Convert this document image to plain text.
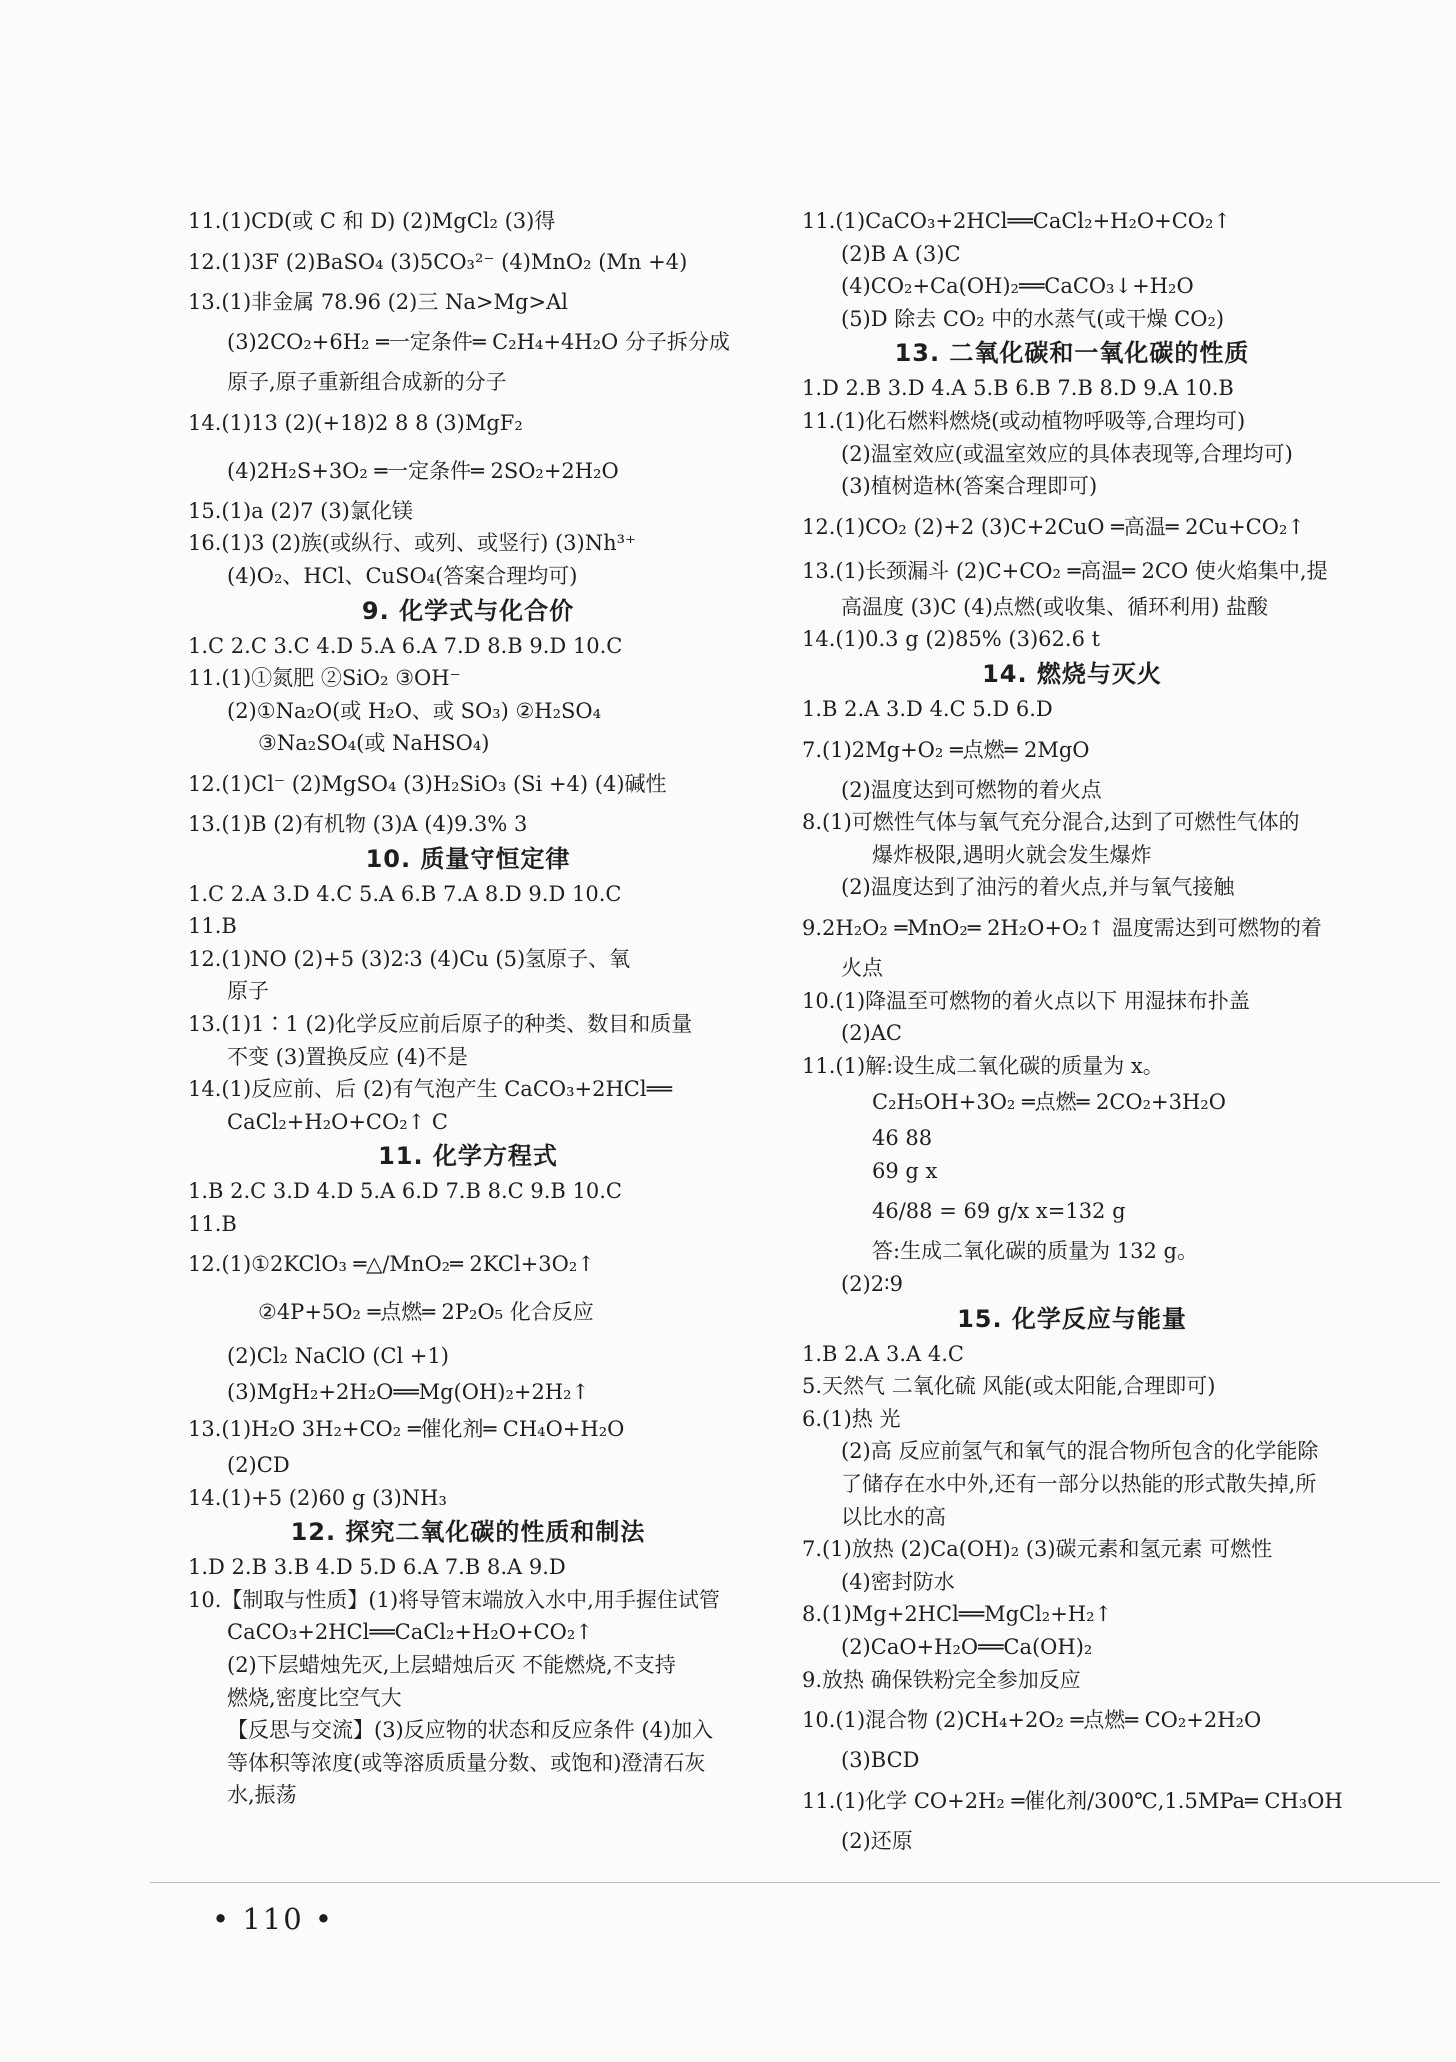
11.(1)CD(或 C 和 D) (2)MgCl₂ (3)得
12.(1)3F (2)BaSO₄ (3)5CO₃²⁻ (4)MnO₂ (Mn +4)
13.(1)非金属 78.96 (2)三 Na>Mg>Al
(3)2CO₂+6H₂ ═一定条件═ C₂H₄+4H₂O 分子拆分成
原子,原子重新组合成新的分子
14.(1)13 (2)(+18)2 8 8 (3)MgF₂
(4)2H₂S+3O₂ ═一定条件═ 2SO₂+2H₂O
15.(1)a (2)7 (3)氯化镁
16.(1)3 (2)族(或纵行、或列、或竖行) (3)Nh³⁺
(4)O₂、HCl、CuSO₄(答案合理均可)
9. 化学式与化合价
1.C 2.C 3.C 4.D 5.A 6.A 7.D 8.B 9.D 10.C
11.(1)①氮肥 ②SiO₂ ③OH⁻
(2)①Na₂O(或 H₂O、或 SO₃) ②H₂SO₄
③Na₂SO₄(或 NaHSO₄)
12.(1)Cl⁻ (2)MgSO₄ (3)H₂SiO₃ (Si +4) (4)碱性
13.(1)B (2)有机物 (3)A (4)9.3% 3
10. 质量守恒定律
1.C 2.A 3.D 4.C 5.A 6.B 7.A 8.D 9.D 10.C
11.B
12.(1)NO (2)+5 (3)2∶3 (4)Cu (5)氢原子、氧
原子
13.(1)1∶1 (2)化学反应前后原子的种类、数目和质量
不变 (3)置换反应 (4)不是
14.(1)反应前、后 (2)有气泡产生 CaCO₃+2HCl══
CaCl₂+H₂O+CO₂↑ C
11. 化学方程式
1.B 2.C 3.D 4.D 5.A 6.D 7.B 8.C 9.B 10.C
11.B
12.(1)①2KClO₃ ═△/MnO₂═ 2KCl+3O₂↑
②4P+5O₂ ═点燃═ 2P₂O₅ 化合反应
(2)Cl₂ NaClO (Cl +1)
(3)MgH₂+2H₂O══Mg(OH)₂+2H₂↑
13.(1)H₂O 3H₂+CO₂ ═催化剂═ CH₄O+H₂O
(2)CD
14.(1)+5 (2)60 g (3)NH₃
12. 探究二氧化碳的性质和制法
1.D 2.B 3.B 4.D 5.D 6.A 7.B 8.A 9.D
10.【制取与性质】(1)将导管末端放入水中,用手握住试管
CaCO₃+2HCl══CaCl₂+H₂O+CO₂↑
(2)下层蜡烛先灭,上层蜡烛后灭 不能燃烧,不支持
燃烧,密度比空气大
【反思与交流】(3)反应物的状态和反应条件 (4)加入
等体积等浓度(或等溶质质量分数、或饱和)澄清石灰
水,振荡
11.(1)CaCO₃+2HCl══CaCl₂+H₂O+CO₂↑
(2)B A (3)C
(4)CO₂+Ca(OH)₂══CaCO₃↓+H₂O
(5)D 除去 CO₂ 中的水蒸气(或干燥 CO₂)
13. 二氧化碳和一氧化碳的性质
1.D 2.B 3.D 4.A 5.B 6.B 7.B 8.D 9.A 10.B
11.(1)化石燃料燃烧(或动植物呼吸等,合理均可)
(2)温室效应(或温室效应的具体表现等,合理均可)
(3)植树造林(答案合理即可)
12.(1)CO₂ (2)+2 (3)C+2CuO ═高温═ 2Cu+CO₂↑
13.(1)长颈漏斗 (2)C+CO₂ ═高温═ 2CO 使火焰集中,提
高温度 (3)C (4)点燃(或收集、循环利用) 盐酸
14.(1)0.3 g (2)85% (3)62.6 t
14. 燃烧与灭火
1.B 2.A 3.D 4.C 5.D 6.D
7.(1)2Mg+O₂ ═点燃═ 2MgO
(2)温度达到可燃物的着火点
8.(1)可燃性气体与氧气充分混合,达到了可燃性气体的
爆炸极限,遇明火就会发生爆炸
(2)温度达到了油污的着火点,并与氧气接触
9.2H₂O₂ ═MnO₂═ 2H₂O+O₂↑ 温度需达到可燃物的着
火点
10.(1)降温至可燃物的着火点以下 用湿抹布扑盖
(2)AC
11.(1)解:设生成二氧化碳的质量为 x。
C₂H₅OH+3O₂ ═点燃═ 2CO₂+3H₂O
46 88
69 g x
46/88 = 69 g/x x=132 g
答:生成二氧化碳的质量为 132 g。
(2)2∶9
15. 化学反应与能量
1.B 2.A 3.A 4.C
5.天然气 二氧化硫 风能(或太阳能,合理即可)
6.(1)热 光
(2)高 反应前氢气和氧气的混合物所包含的化学能除
了储存在水中外,还有一部分以热能的形式散失掉,所
以比水的高
7.(1)放热 (2)Ca(OH)₂ (3)碳元素和氢元素 可燃性
(4)密封防水
8.(1)Mg+2HCl══MgCl₂+H₂↑
(2)CaO+H₂O══Ca(OH)₂
9.放热 确保铁粉完全参加反应
10.(1)混合物 (2)CH₄+2O₂ ═点燃═ CO₂+2H₂O
(3)BCD
11.(1)化学 CO+2H₂ ═催化剂/300℃,1.5MPa═ CH₃OH
(2)还原
• 110 •
